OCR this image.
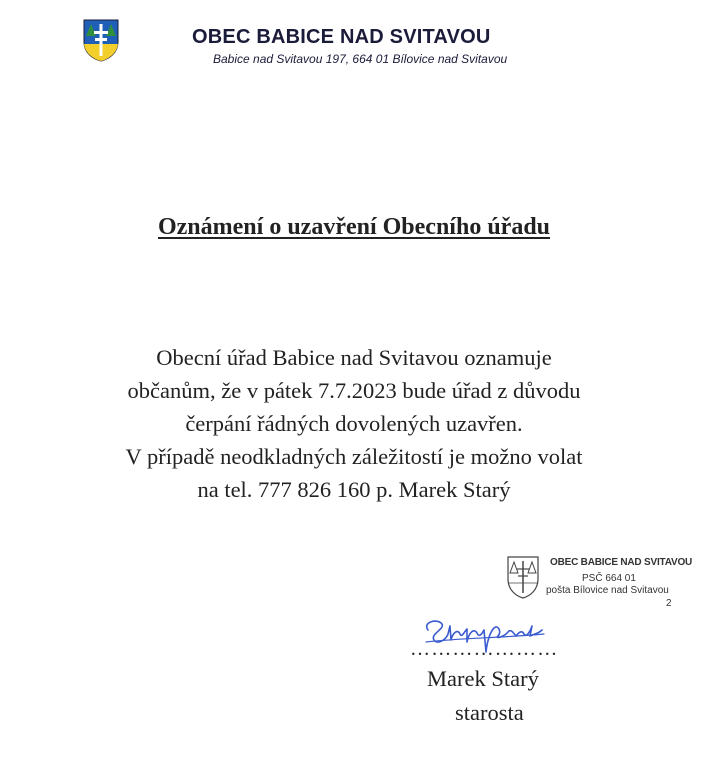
OBEC BABICE NAD SVITAVOU
Babice nad Svitavou 197, 664 01 Bílovice nad Svitavou
Oznámení o uzavření Obecního úřadu
Obecní úřad Babice nad Svitavou oznamuje
občanům, že v pátek 7.7.2023 bude úřad z důvodu
čerpání řádných dovolených uzavřen.
V případě neodkladných záležitostí je možno volat
na tel. 777 826 160 p. Marek Starý
OBEC BABICE NAD SVITAVOU
PSČ 664 01
pošta Bílovice nad Svitavou
2
…………………
Marek Starý
starosta
